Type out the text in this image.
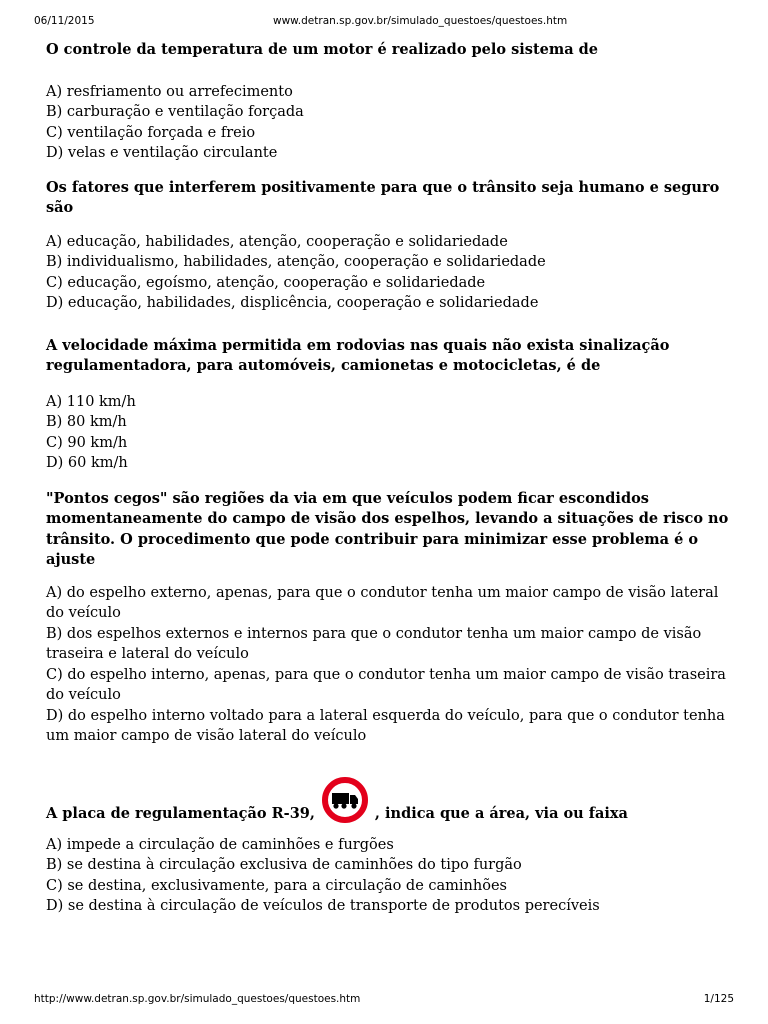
06/11/2015	www.detran.sp.gov.br/simulado_questoes/questoes.htm

O controle da temperatura de um motor é realizado pelo sistema de

A) resfriamento ou arrefecimento

B) carburação e ventilação forçada

C) ventilação forçada e freio

D) velas e ventilação circulante

Os fatores que interferem positivamente para que o trânsito seja humano e seguro são

A) educação, habilidades, atenção, cooperação e solidariedade

B) individualismo, habilidades, atenção, cooperação e solidariedade

C) educação, egoísmo, atenção, cooperação e solidariedade

D) educação, habilidades, displicência, cooperação e solidariedade

A velocidade máxima permitida em rodovias nas quais não exista sinalização regulamentadora, para automóveis, camionetas e motocicletas, é de

A) 110 km/h

B) 80 km/h

C) 90 km/h

D) 60 km/h

"Pontos cegos" são regiões da via em que veículos podem ficar escondidos momentaneamente do campo de visão dos espelhos, levando a situações de risco no trânsito. O procedimento que pode contribuir para minimizar esse problema é o ajuste

A) do espelho externo, apenas, para que o condutor tenha um maior campo de visão lateral do veículo

B) dos espelhos externos e internos para que o condutor tenha um maior campo de visão traseira e lateral do veículo

C) do espelho interno, apenas, para que o condutor tenha um maior campo de visão traseira do veículo

D) do espelho interno voltado para a lateral esquerda do veículo, para que o condutor tenha um maior campo de visão lateral do veículo

A placa de regulamentação R-39,	, indica que a área, via ou faixa

A) impede a circulação de caminhões e furgões

B) se destina à circulação exclusiva de caminhões do tipo furgão

C) se destina, exclusivamente, para a circulação de caminhões

D) se destina à circulação de veículos de transporte de produtos perecíveis

http://www.detran.sp.gov.br/simulado_questoes/questoes.htm	1/125
